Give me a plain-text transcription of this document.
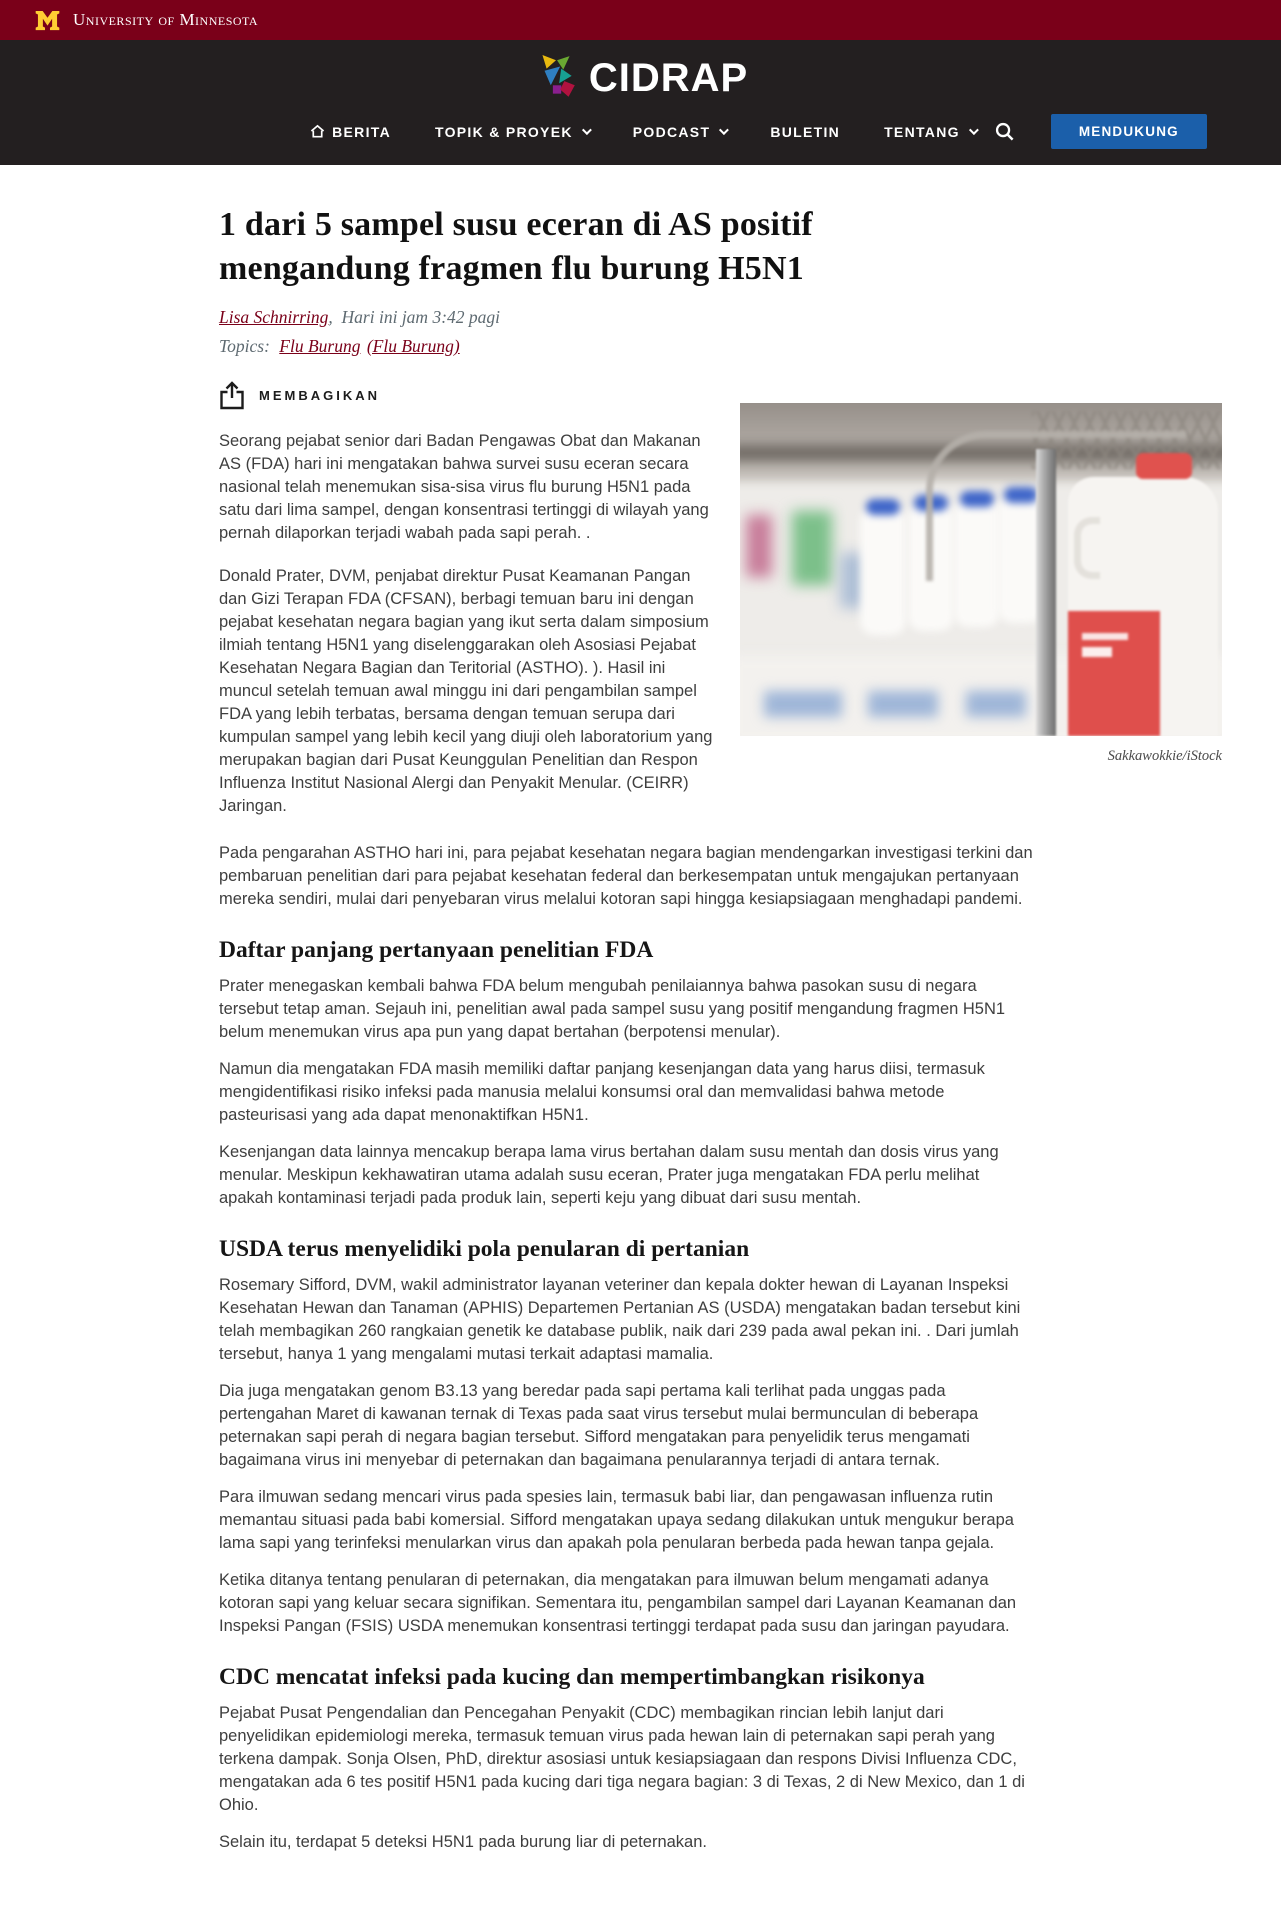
University of Minnesota
CIDRAP
BERITA	TOPIK & PROYEK	PODCAST	BULETIN	TENTANG	MENDUKUNG
1 dari 5 sampel susu eceran di AS positif mengandung fragmen flu burung H5N1
Lisa Schnirring,  Hari ini jam 3:42 pagi
Topics: Flu Burung (Flu Burung)
MEMBAGIKAN

Seorang pejabat senior dari Badan Pengawas Obat dan Makanan AS (FDA) hari ini mengatakan bahwa survei susu eceran secara nasional telah menemukan sisa-sisa virus flu burung H5N1 pada satu dari lima sampel, dengan konsentrasi tertinggi di wilayah yang pernah dilaporkan terjadi wabah pada sapi perah. .

Donald Prater, DVM, penjabat direktur Pusat Keamanan Pangan dan Gizi Terapan FDA (CFSAN), berbagi temuan baru ini dengan pejabat kesehatan negara bagian yang ikut serta dalam simposium ilmiah tentang H5N1 yang diselenggarakan oleh Asosiasi Pejabat Kesehatan Negara Bagian dan Teritorial (ASTHO). ). Hasil ini muncul setelah temuan awal minggu ini dari pengambilan sampel FDA yang lebih terbatas, bersama dengan temuan serupa dari kumpulan sampel yang lebih kecil yang diuji oleh laboratorium yang merupakan bagian dari Pusat Keunggulan Penelitian dan Respon Influenza Institut Nasional Alergi dan Penyakit Menular. (CEIRR) Jaringan.

Sakkawokkie/iStock

Pada pengarahan ASTHO hari ini, para pejabat kesehatan negara bagian mendengarkan investigasi terkini dan pembaruan penelitian dari para pejabat kesehatan federal dan berkesempatan untuk mengajukan pertanyaan mereka sendiri, mulai dari penyebaran virus melalui kotoran sapi hingga kesiapsiagaan menghadapi pandemi.

Daftar panjang pertanyaan penelitian FDA

Prater menegaskan kembali bahwa FDA belum mengubah penilaiannya bahwa pasokan susu di negara tersebut tetap aman. Sejauh ini, penelitian awal pada sampel susu yang positif mengandung fragmen H5N1 belum menemukan virus apa pun yang dapat bertahan (berpotensi menular).

Namun dia mengatakan FDA masih memiliki daftar panjang kesenjangan data yang harus diisi, termasuk mengidentifikasi risiko infeksi pada manusia melalui konsumsi oral dan memvalidasi bahwa metode pasteurisasi yang ada dapat menonaktifkan H5N1.

Kesenjangan data lainnya mencakup berapa lama virus bertahan dalam susu mentah dan dosis virus yang menular. Meskipun kekhawatiran utama adalah susu eceran, Prater juga mengatakan FDA perlu melihat apakah kontaminasi terjadi pada produk lain, seperti keju yang dibuat dari susu mentah.

USDA terus menyelidiki pola penularan di pertanian

Rosemary Sifford, DVM, wakil administrator layanan veteriner dan kepala dokter hewan di Layanan Inspeksi Kesehatan Hewan dan Tanaman (APHIS) Departemen Pertanian AS (USDA) mengatakan badan tersebut kini telah membagikan 260 rangkaian genetik ke database publik, naik dari 239 pada awal pekan ini. . Dari jumlah tersebut, hanya 1 yang mengalami mutasi terkait adaptasi mamalia.

Dia juga mengatakan genom B3.13 yang beredar pada sapi pertama kali terlihat pada unggas pada pertengahan Maret di kawanan ternak di Texas pada saat virus tersebut mulai bermunculan di beberapa peternakan sapi perah di negara bagian tersebut. Sifford mengatakan para penyelidik terus mengamati bagaimana virus ini menyebar di peternakan dan bagaimana penularannya terjadi di antara ternak.

Para ilmuwan sedang mencari virus pada spesies lain, termasuk babi liar, dan pengawasan influenza rutin memantau situasi pada babi komersial. Sifford mengatakan upaya sedang dilakukan untuk mengukur berapa lama sapi yang terinfeksi menularkan virus dan apakah pola penularan berbeda pada hewan tanpa gejala.

Ketika ditanya tentang penularan di peternakan, dia mengatakan para ilmuwan belum mengamati adanya kotoran sapi yang keluar secara signifikan. Sementara itu, pengambilan sampel dari Layanan Keamanan dan Inspeksi Pangan (FSIS) USDA menemukan konsentrasi tertinggi terdapat pada susu dan jaringan payudara.

CDC mencatat infeksi pada kucing dan mempertimbangkan risikonya

Pejabat Pusat Pengendalian dan Pencegahan Penyakit (CDC) membagikan rincian lebih lanjut dari penyelidikan epidemiologi mereka, termasuk temuan virus pada hewan lain di peternakan sapi perah yang terkena dampak. Sonja Olsen, PhD, direktur asosiasi untuk kesiapsiagaan dan respons Divisi Influenza CDC, mengatakan ada 6 tes positif H5N1 pada kucing dari tiga negara bagian: 3 di Texas, 2 di New Mexico, dan 1 di Ohio.

Selain itu, terdapat 5 deteksi H5N1 pada burung liar di peternakan.
